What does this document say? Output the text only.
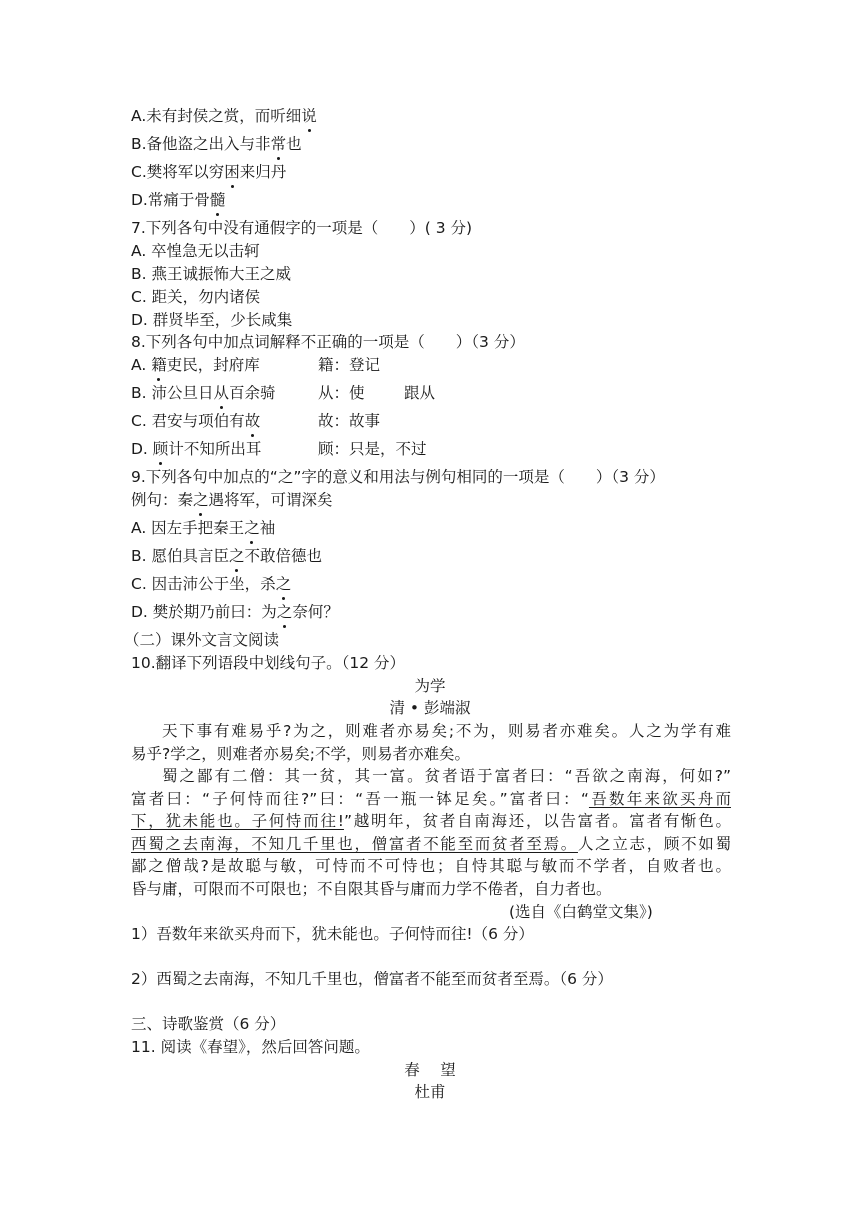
A.未有封侯之赏，而听细说
B.备他盗之出入与非常也
C.樊将军以穷困来归丹
D.常痛于骨髓
7.下列各句中没有通假字的一项是（　　）( 3 分)
A. 卒惶急无以击轲
B. 燕王诚振怖大王之威
C. 距关，勿内诸侯
D. 群贤毕至，少长咸集
8.下列各句中加点词解释不正确的一项是（　　）（3 分）
A. 籍吏民，封府库	籍：登记
B. 沛公旦日从百余骑	从：使	跟从
C. 君安与项伯有故	故：故事
D. 顾计不知所出耳	顾：只是，不过
9.下列各句中加点的“之”字的意义和用法与例句相同的一项是（　　）（3 分）
例句：秦之遇将军，可谓深矣
A. 因左手把秦王之袖
B. 愿伯具言臣之不敢倍德也
C. 因击沛公于坐，杀之
D. 樊於期乃前曰：为之奈何？
（二）课外文言文阅读
10.翻译下列语段中划线句子。（12 分）
为学
清 • 彭端淑
天下事有难易乎?为之，则难者亦易矣;不为，则易者亦难矣。人之为学有难
易乎?学之，则难者亦易矣;不学，则易者亦难矣。
蜀之鄙有二僧：其一贫，其一富。贫者语于富者曰：“吾欲之南海，何如?”
富者曰：“子何恃而往?”曰：“吾一瓶一钵足矣。”富者曰：“吾数年来欲买舟而
下，犹未能也。子何恃而往!”越明年，贫者自南海还，以告富者。富者有惭色。
西蜀之去南海，不知几千里也，僧富者不能至而贫者至焉。人之立志，顾不如蜀
鄙之僧哉?是故聪与敏，可恃而不可恃也；自恃其聪与敏而不学者，自败者也。
昏与庸，可限而不可限也；不自限其昏与庸而力学不倦者，自力者也。
(选自《白鹤堂文集》)
1）吾数年来欲买舟而下，犹未能也。子何恃而往!（6 分）
2）西蜀之去南海，不知几千里也，僧富者不能至而贫者至焉。（6 分）
三、诗歌鉴赏（6 分）
11. 阅读《春望》，然后回答问题。
春　 望
杜甫
